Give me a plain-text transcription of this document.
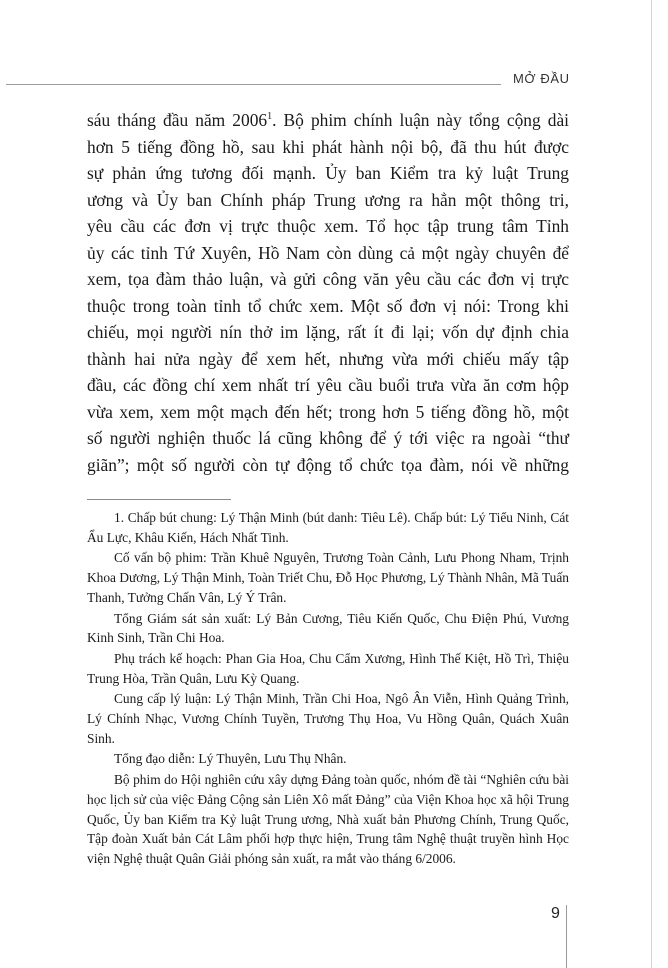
MỞ ĐẦU
sáu tháng đầu năm 2006$^1$. Bộ phim chính luận này tổng cộng dài
hơn 5 tiếng đồng hồ, sau khi phát hành nội bộ, đã thu hút được
sự phản ứng tương đối mạnh. Ủy ban Kiểm tra kỷ luật Trung
ương và Ủy ban Chính pháp Trung ương ra hẳn một thông tri,
yêu cầu các đơn vị trực thuộc xem. Tổ học tập trung tâm Tỉnh
ủy các tỉnh Tứ Xuyên, Hồ Nam còn dùng cả một ngày chuyên để
xem, tọa đàm thảo luận, và gửi công văn yêu cầu các đơn vị trực
thuộc trong toàn tỉnh tổ chức xem. Một số đơn vị nói: Trong khi
chiếu, mọi người nín thở im lặng, rất ít đi lại; vốn dự định chia
thành hai nửa ngày để xem hết, nhưng vừa mới chiếu mấy tập
đầu, các đồng chí xem nhất trí yêu cầu buổi trưa vừa ăn cơm hộp
vừa xem, xem một mạch đến hết; trong hơn 5 tiếng đồng hồ, một
số người nghiện thuốc lá cũng không để ý tới việc ra ngoài “thư
giãn”; một số người còn tự động tổ chức tọa đàm, nói về những

1. Chấp bút chung: Lý Thận Minh (bút danh: Tiêu Lê). Chấp bút: Lý Tiểu Ninh, Cát Ẩu Lực, Khâu Kiến, Hách Nhất Tinh.

Cố vấn bộ phim: Trần Khuê Nguyên, Trương Toàn Cảnh, Lưu Phong Nham, Trịnh Khoa Dương, Lý Thận Minh, Toàn Triết Chu, Đỗ Học Phương, Lý Thành Nhân, Mã Tuấn Thanh, Tưởng Chấn Vân, Lý Ý Trân.

Tổng Giám sát sản xuất: Lý Bản Cương, Tiêu Kiến Quốc, Chu Điện Phú, Vương Kinh Sinh, Trần Chi Hoa.

Phụ trách kế hoạch: Phan Gia Hoa, Chu Cẩm Xương, Hình Thế Kiệt, Hồ Trì, Thiệu Trung Hòa, Trần Quân, Lưu Kỳ Quang.

Cung cấp lý luận: Lý Thận Minh, Trần Chi Hoa, Ngô Ân Viễn, Hình Quảng Trình, Lý Chính Nhạc, Vương Chính Tuyền, Trương Thụ Hoa, Vu Hồng Quân, Quách Xuân Sinh.

Tổng đạo diễn: Lý Thuyên, Lưu Thụ Nhân.

Bộ phim do Hội nghiên cứu xây dựng Đảng toàn quốc, nhóm đề tài “Nghiên cứu bài học lịch sử của việc Đảng Cộng sản Liên Xô mất Đảng” của Viện Khoa học xã hội Trung Quốc, Ủy ban Kiểm tra Kỷ luật Trung ương, Nhà xuất bản Phương Chính, Trung Quốc, Tập đoàn Xuất bản Cát Lâm phối hợp thực hiện, Trung tâm Nghệ thuật truyền hình Học viện Nghệ thuật Quân Giải phóng sản xuất, ra mắt vào tháng 6/2006.

9
